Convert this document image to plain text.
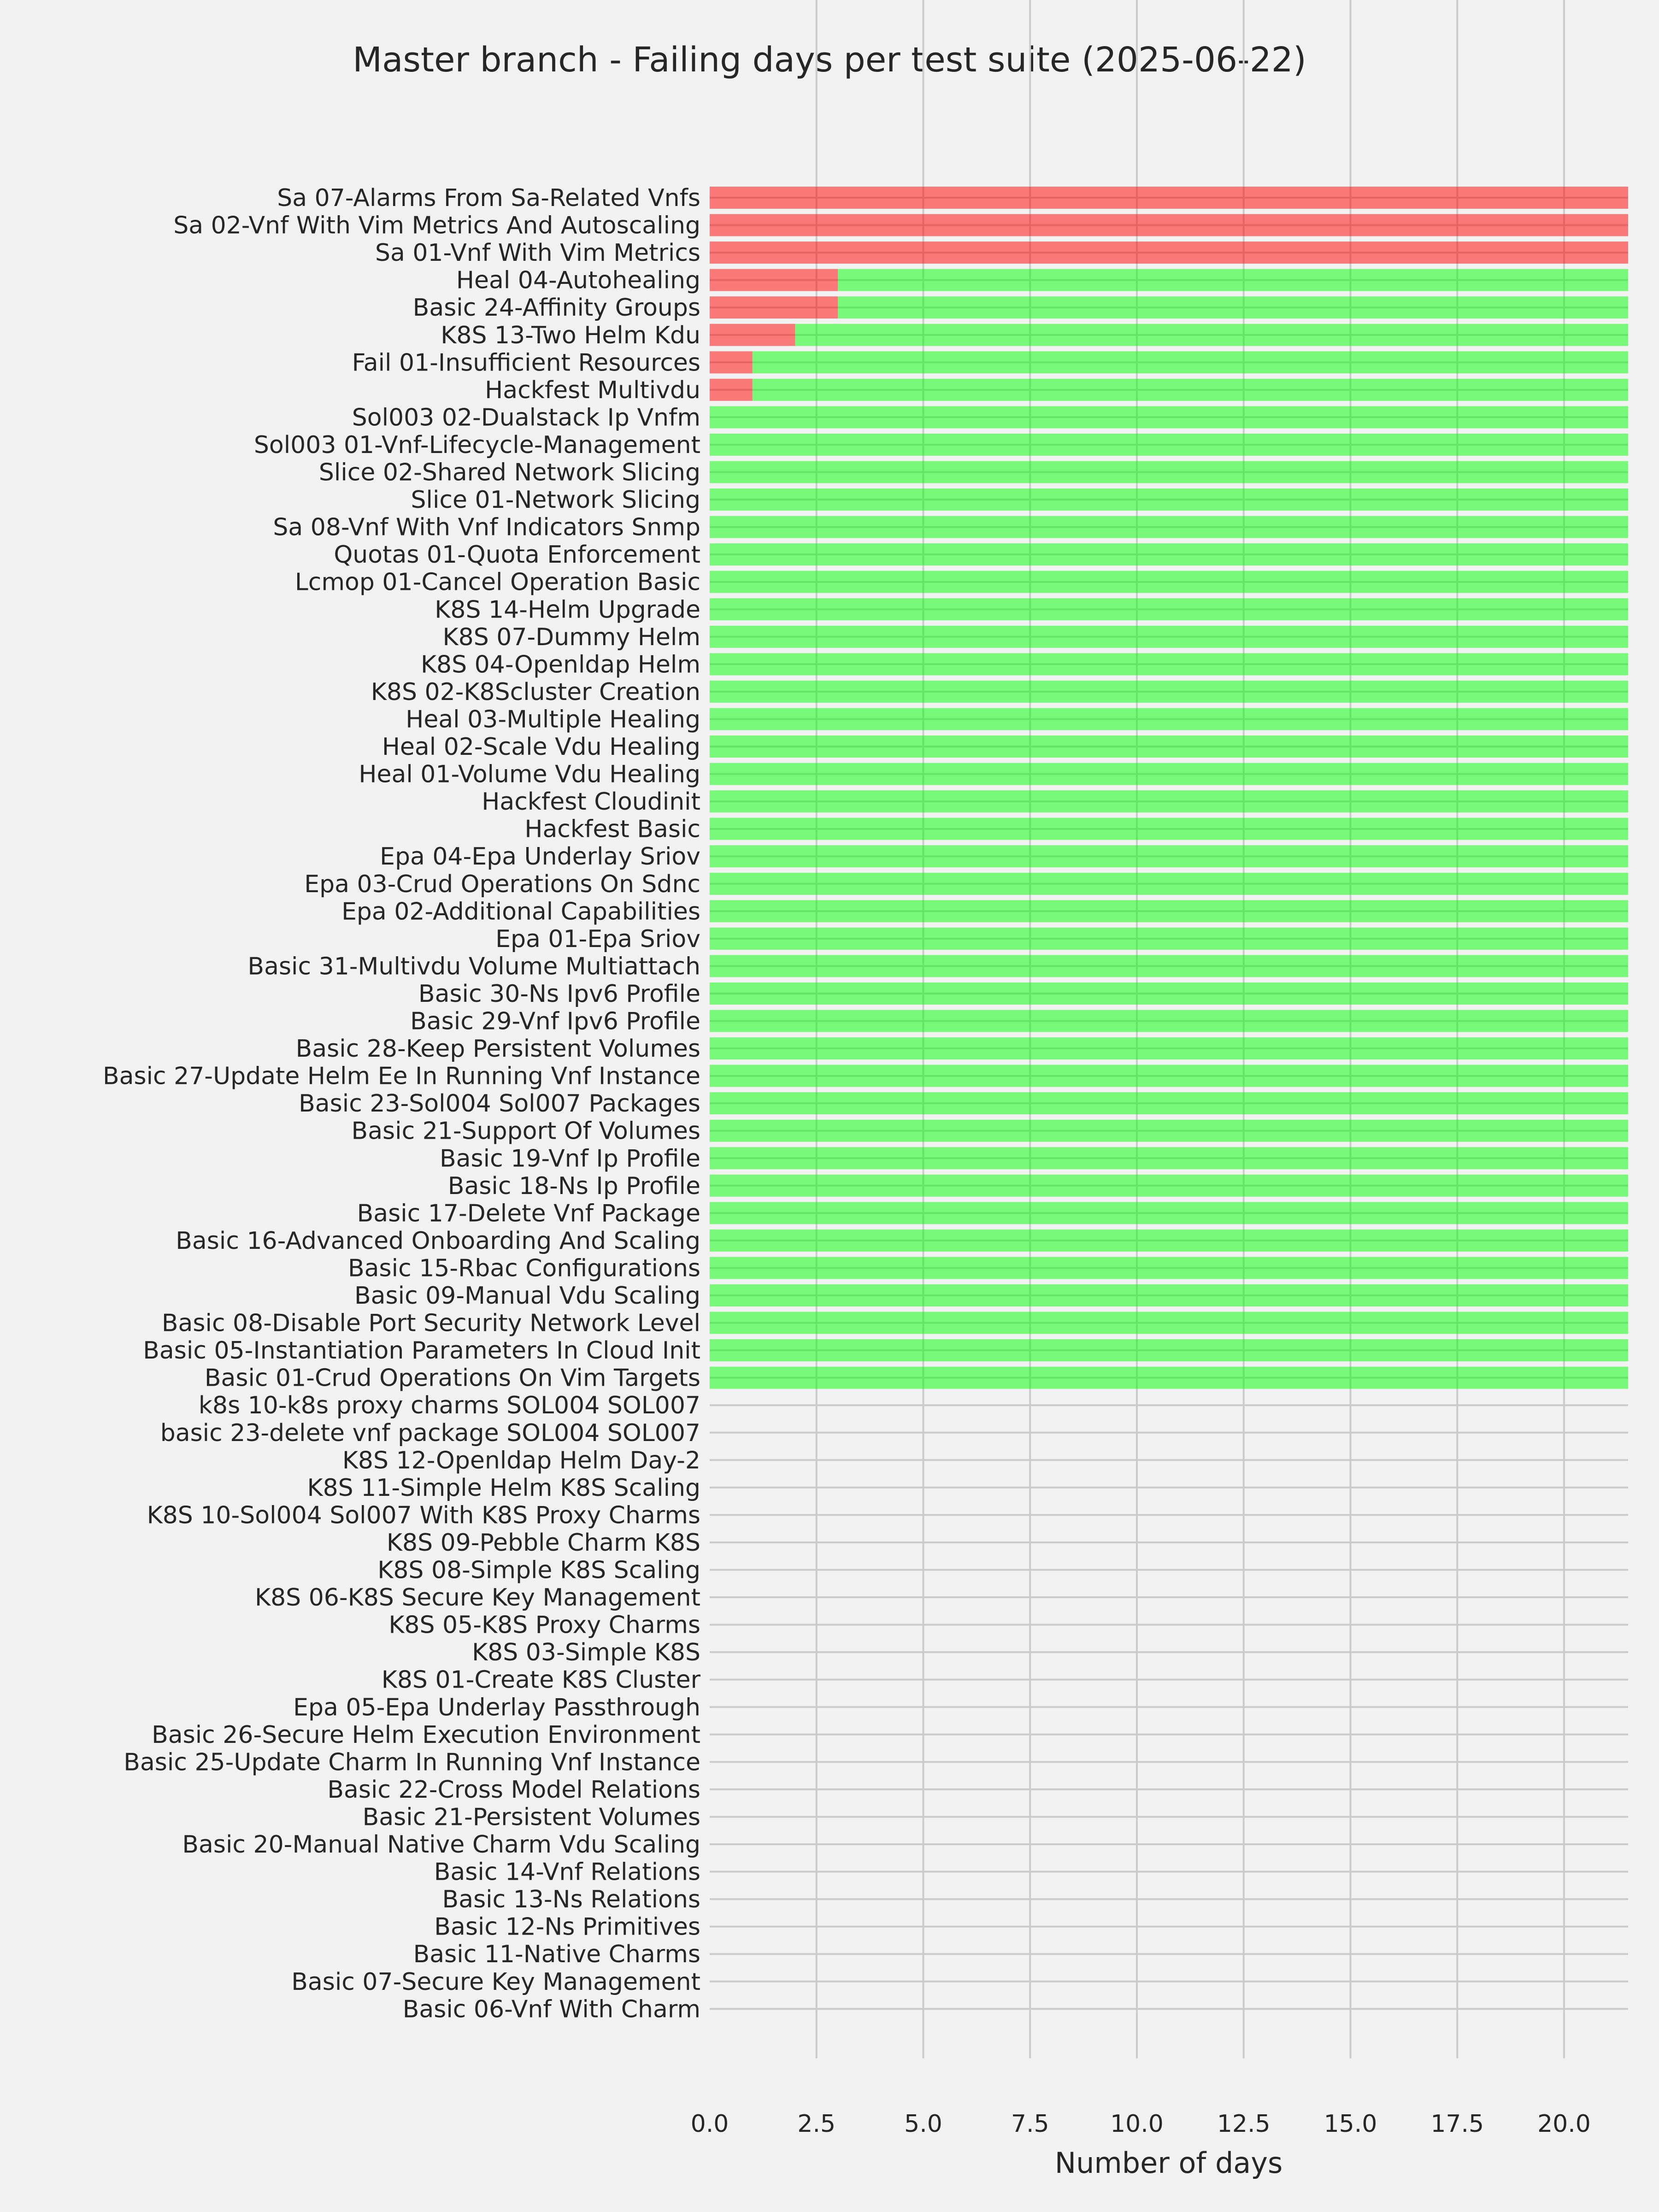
Master branch - Failing days per test suite (2025-06-22)
Sa 07-Alarms From Sa-Related Vnfs
Sa 02-Vnf With Vim Metrics And Autoscaling
Sa 01-Vnf With Vim Metrics
Heal 04-Autohealing
Basic 24-Affinity Groups
K8S 13-Two Helm Kdu
Fail 01-Insufficient Resources
Hackfest Multivdu
Sol003 02-Dualstack Ip Vnfm
Sol003 01-Vnf-Lifecycle-Management
Slice 02-Shared Network Slicing
Slice 01-Network Slicing
Sa 08-Vnf With Vnf Indicators Snmp
Quotas 01-Quota Enforcement
Lcmop 01-Cancel Operation Basic
K8S 14-Helm Upgrade
K8S 07-Dummy Helm
K8S 04-Openldap Helm
K8S 02-K8Scluster Creation
Heal 03-Multiple Healing
Heal 02-Scale Vdu Healing
Heal 01-Volume Vdu Healing
Hackfest Cloudinit
Hackfest Basic
Epa 04-Epa Underlay Sriov
Epa 03-Crud Operations On Sdnc
Epa 02-Additional Capabilities
Epa 01-Epa Sriov
Basic 31-Multivdu Volume Multiattach
Basic 30-Ns Ipv6 Profile
Basic 29-Vnf Ipv6 Profile
Basic 28-Keep Persistent Volumes
Basic 27-Update Helm Ee In Running Vnf Instance
Basic 23-Sol004 Sol007 Packages
Basic 21-Support Of Volumes
Basic 19-Vnf Ip Profile
Basic 18-Ns Ip Profile
Basic 17-Delete Vnf Package
Basic 16-Advanced Onboarding And Scaling
Basic 15-Rbac Configurations
Basic 09-Manual Vdu Scaling
Basic 08-Disable Port Security Network Level
Basic 05-Instantiation Parameters In Cloud Init
Basic 01-Crud Operations On Vim Targets
k8s 10-k8s proxy charms SOL004 SOL007
basic 23-delete vnf package SOL004 SOL007
K8S 12-Openldap Helm Day-2
K8S 11-Simple Helm K8S Scaling
K8S 10-Sol004 Sol007 With K8S Proxy Charms
K8S 09-Pebble Charm K8S
K8S 08-Simple K8S Scaling
K8S 06-K8S Secure Key Management
K8S 05-K8S Proxy Charms
K8S 03-Simple K8S
K8S 01-Create K8S Cluster
Epa 05-Epa Underlay Passthrough
Basic 26-Secure Helm Execution Environment
Basic 25-Update Charm In Running Vnf Instance
Basic 22-Cross Model Relations
Basic 21-Persistent Volumes
Basic 20-Manual Native Charm Vdu Scaling
Basic 14-Vnf Relations
Basic 13-Ns Relations
Basic 12-Ns Primitives
Basic 11-Native Charms
Basic 07-Secure Key Management
Basic 06-Vnf With Charm
0.0	2.5	5.0	7.5	10.0 12.5 15.0 17.5 20.0
Number of days
